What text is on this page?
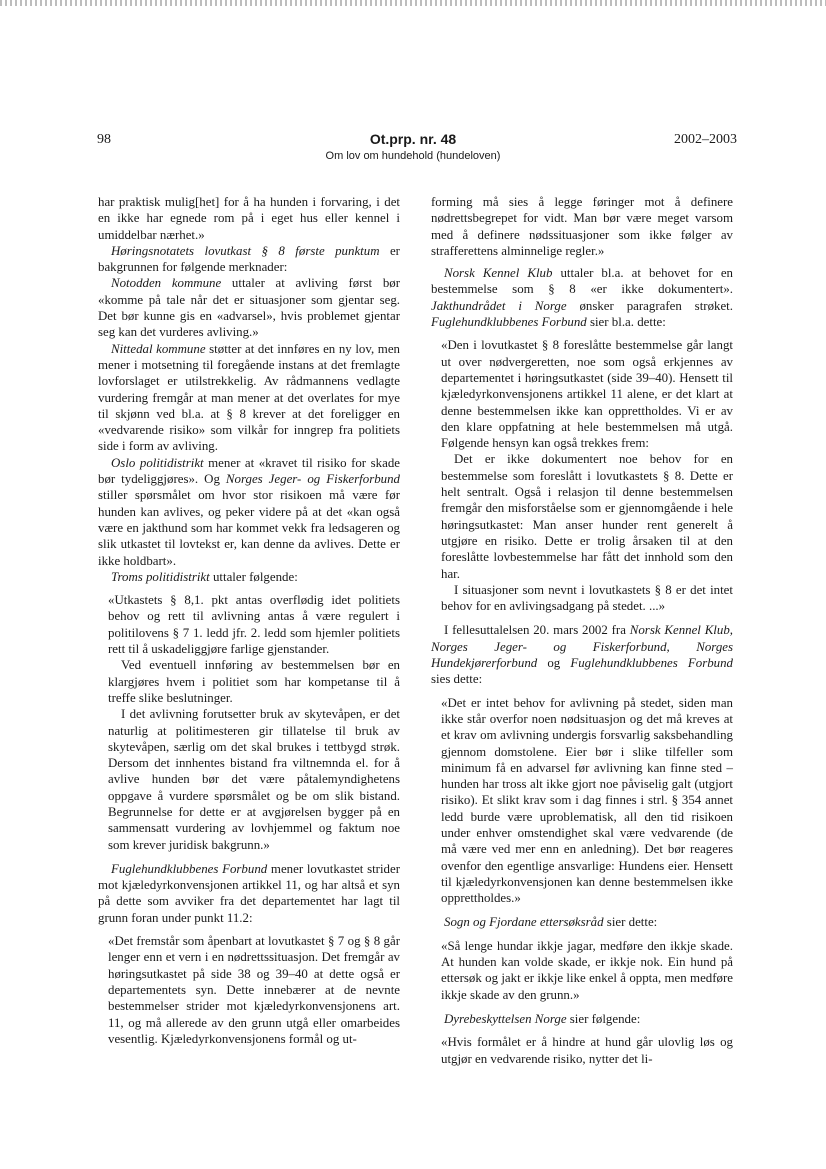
98	Ot.prp. nr. 48
Om lov om hundehold (hundeloven)
2002–2003

har praktisk mulig[het] for å ha hunden i forvaring, i det en ikke har egnede rom på i eget hus eller kennel i umiddelbar nærhet.»

Høringsnotatets lovutkast § 8 første punktum er bakgrunnen for følgende merknader:

Notodden kommune uttaler at avliving først bør «komme på tale når det er situasjoner som gjentar seg. Det bør kunne gis en «advarsel», hvis problemet gjentar seg kan det vurderes avliving.»

Nittedal kommune støtter at det innføres en ny lov, men mener i motsetning til foregående instans at det fremlagte lovforslaget er utilstrekkelig. Av rådmannens vedlagte vurdering fremgår at man mener at det overlates for mye til skjønn ved bl.a. at § 8 krever at det foreligger en «vedvarende risiko» som vilkår for inngrep fra politiets side i form av avliving.

Oslo politidistrikt mener at «kravet til risiko for skade bør tydeliggjøres». Og Norges Jeger- og Fiskerforbund stiller spørsmålet om hvor stor risikoen må være før hunden kan avlives, og peker videre på at det «kan også være en jakthund som har kommet vekk fra ledsageren og slik utkastet til lovtekst er, kan denne da avlives. Dette er ikke holdbart».

Troms politidistrikt uttaler følgende:

«Utkastets § 8,1. pkt antas overflødig idet politiets behov og rett til avlivning antas å være regulert i politilovens § 7 1. ledd jfr. 2. ledd som hjemler politiets rett til å uskadeliggjøre farlige gjenstander.

Ved eventuell innføring av bestemmelsen bør en klargjøres hvem i politiet som har kompetanse til å treffe slike beslutninger.

I det avlivning forutsetter bruk av skytevåpen, er det naturlig at politimesteren gir tillatelse til bruk av skytevåpen, særlig om det skal brukes i tettbygd strøk. Dersom det innhentes bistand fra viltnemnda el. for å avlive hunden bør det være påtalemyndighetens oppgave å vurdere spørsmålet og be om slik bistand. Begrunnelse for dette er at avgjørelsen bygger på en sammensatt vurdering av lovhjemmel og faktum noe som krever juridisk bakgrunn.»

Fuglehundklubbenes Forbund mener lovutkastet strider mot kjæledyrkonvensjonen artikkel 11, og har altså et syn på dette som avviker fra det departementet har lagt til grunn foran under punkt 11.2:

«Det fremstår som åpenbart at lovutkastet § 7 og § 8 går lenger enn et vern i en nødrettssituasjon. Det fremgår av høringsutkastet på side 38 og 39–40 at dette også er departementets syn. Dette innebærer at de nevnte bestemmelser strider mot kjæledyrkonvensjonens art. 11, og må allerede av den grunn utgå eller omarbeides vesentlig. Kjæledyrkonvensjonens formål og ut-

forming må sies å legge føringer mot å definere nødrettsbegrepet for vidt. Man bør være meget varsom med å definere nødssituasjoner som ikke følger av strafferettens alminnelige regler.»

Norsk Kennel Klub uttaler bl.a. at behovet for en bestemmelse som § 8 «er ikke dokumentert». Jakthundrådet i Norge ønsker paragrafen strøket. Fuglehundklubbenes Forbund sier bl.a. dette:

«Den i lovutkastet § 8 foreslåtte bestemmelse går langt ut over nødvergeretten, noe som også erkjennes av departementet i høringsutkastet (side 39–40). Hensett til kjæledyrkonvensjonens artikkel 11 alene, er det klart at denne bestemmelsen ikke kan opprettholdes. Vi er av den klare oppfatning at hele bestemmelsen må utgå. Følgende hensyn kan også trekkes frem:

Det er ikke dokumentert noe behov for en bestemmelse som foreslått i lovutkastets § 8. Dette er helt sentralt. Også i relasjon til denne bestemmelsen fremgår den misforståelse som er gjennomgående i hele høringsutkastet: Man anser hunder rent generelt å utgjøre en risiko. Dette er trolig årsaken til at den foreslåtte lovbestemmelse har fått det innhold som den har.

I situasjoner som nevnt i lovutkastets § 8 er det intet behov for en avlivingsadgang på stedet. ...»

I fellesuttalelsen 20. mars 2002 fra Norsk Kennel Klub, Norges Jeger- og Fiskerforbund, Norges Hundekjørerforbund og Fuglehundklubbenes Forbund sies dette:

«Det er intet behov for avlivning på stedet, siden man ikke står overfor noen nødsituasjon og det må kreves at et krav om avlivning undergis forsvarlig saksbehandling gjennom domstolene. Eier bør i slike tilfeller som minimum få en advarsel før avlivning kan finne sted – hunden har tross alt ikke gjort noe påviselig galt (utgjort risiko). Et slikt krav som i dag finnes i strl. § 354 annet ledd burde være uproblematisk, all den tid risikoen under enhver omstendighet skal være vedvarende (de må være ved mer enn en anledning). Det bør reageres ovenfor den egentlige ansvarlige: Hundens eier. Hensett til kjæledyrkonvensjonen kan denne bestemmelsen ikke opprettholdes.»

Sogn og Fjordane ettersøksråd sier dette:

«Så lenge hundar ikkje jagar, medføre den ikkje skade. At hunden kan volde skade, er ikkje nok. Ein hund på ettersøk og jakt er ikkje like enkel å oppta, men medføre ikkje skade av den grunn.»

Dyrebeskyttelsen Norge sier følgende:

«Hvis formålet er å hindre at hund går ulovlig løs og utgjør en vedvarende risiko, nytter det li-
